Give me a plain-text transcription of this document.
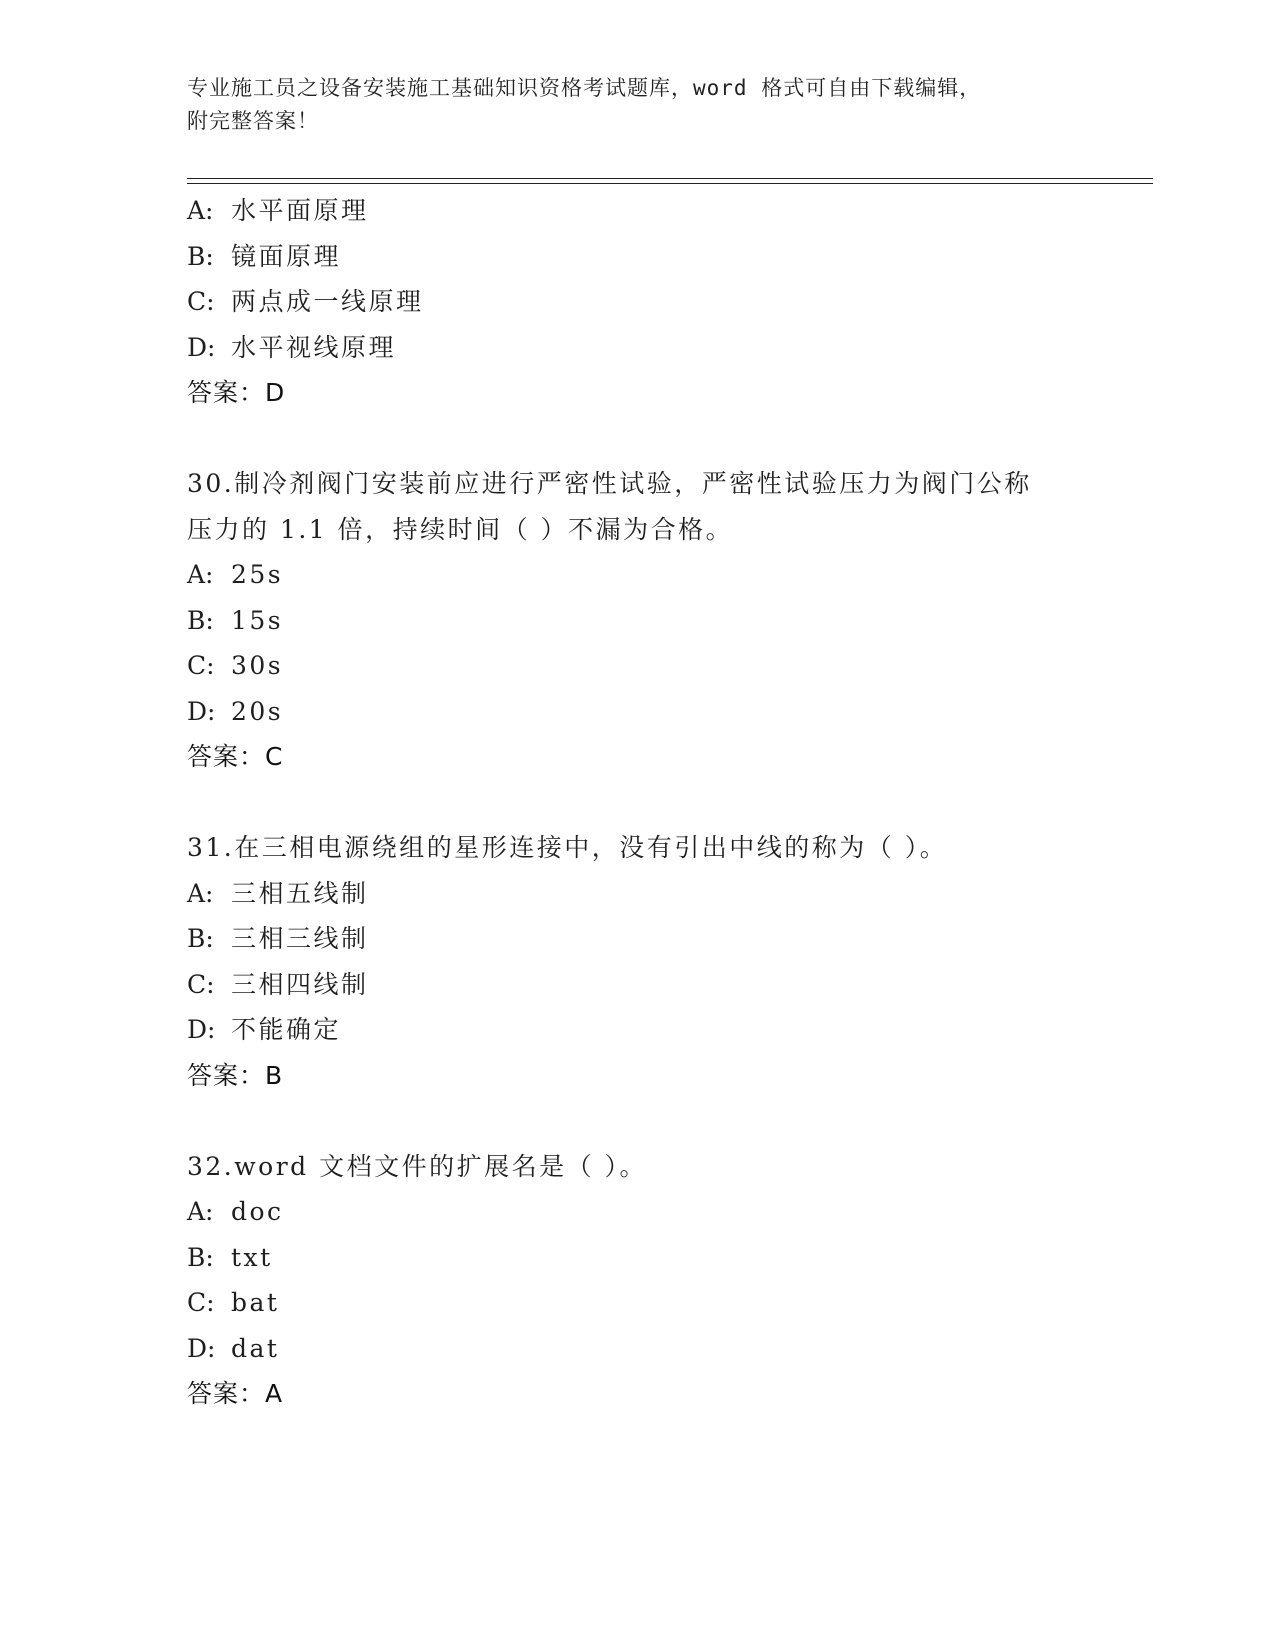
专业施工员之设备安装施工基础知识资格考试题库，word 格式可自由下载编辑，
附完整答案！
A: 水平面原理
B: 镜面原理
C: 两点成一线原理
D: 水平视线原理
答案：D
30.制冷剂阀门安装前应进行严密性试验，严密性试验压力为阀门公称
压力的 1.1 倍，持续时间（ ）不漏为合格。
A: 25s
B: 15s
C: 30s
D: 20s
答案：C
31.在三相电源绕组的星形连接中，没有引出中线的称为（ ）。
A: 三相五线制
B: 三相三线制
C: 三相四线制
D: 不能确定
答案：B
32.word 文档文件的扩展名是（ ）。
A: doc
B: txt
C: bat
D: dat
答案：A
